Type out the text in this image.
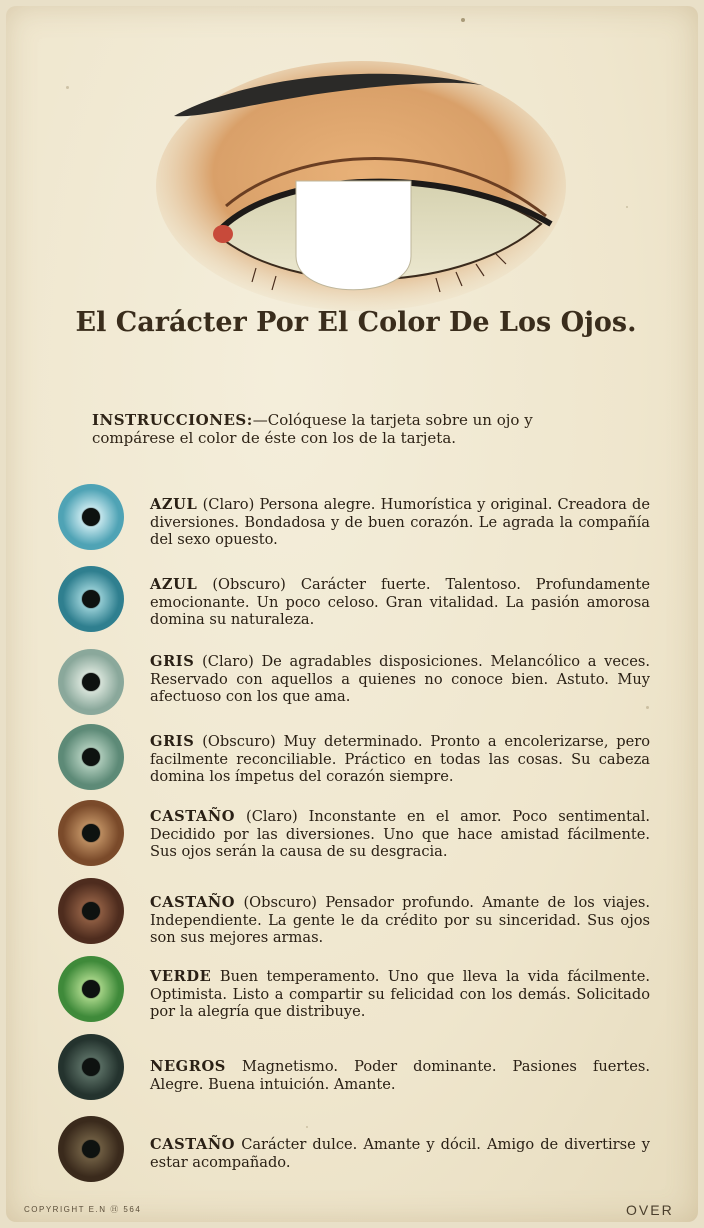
El Carácter Por El Color De Los Ojos.
INSTRUCCIONES:—Colóquese la tarjeta sobre un ojo y compárese el color de éste con los de la tarjeta.
AZUL (Claro) Persona alegre. Humorística y original. Creadora de diversiones. Bondadosa y de buen corazón. Le agrada la compañía del sexo opuesto.
AZUL (Obscuro) Carácter fuerte. Talentoso. Profundamente emocionante. Un poco celoso. Gran vitalidad. La pasión amorosa domina su naturaleza.
GRIS (Claro) De agradables disposiciones. Melancólico a veces. Reservado con aquellos a quienes no conoce bien. Astuto. Muy afectuoso con los que ama.
GRIS (Obscuro) Muy determinado. Pronto a encolerizarse, pero facilmente reconciliable. Práctico en todas las cosas. Su cabeza domina los ímpetus del corazón siempre.
CASTAÑO (Claro) Inconstante en el amor. Poco sentimental. Decidido por las diversiones. Uno que hace amistad fácilmente. Sus ojos serán la causa de su desgracia.
CASTAÑO (Obscuro) Pensador profundo. Amante de los viajes. Independiente. La gente le da crédito por su sinceridad. Sus ojos son sus mejores armas.
VERDE Buen temperamento. Uno que lleva la vida fácilmente. Optimista. Listo a compartir su felicidad con los demás. Solicitado por la alegría que distribuye.
NEGROS Magnetismo. Poder dominante. Pasiones fuertes. Alegre. Buena intuición. Amante.
CASTAÑO Carácter dulce. Amante y dócil. Amigo de divertirse y estar acompañado.
COPYRIGHT E.N Ⓗ 564	OVER
